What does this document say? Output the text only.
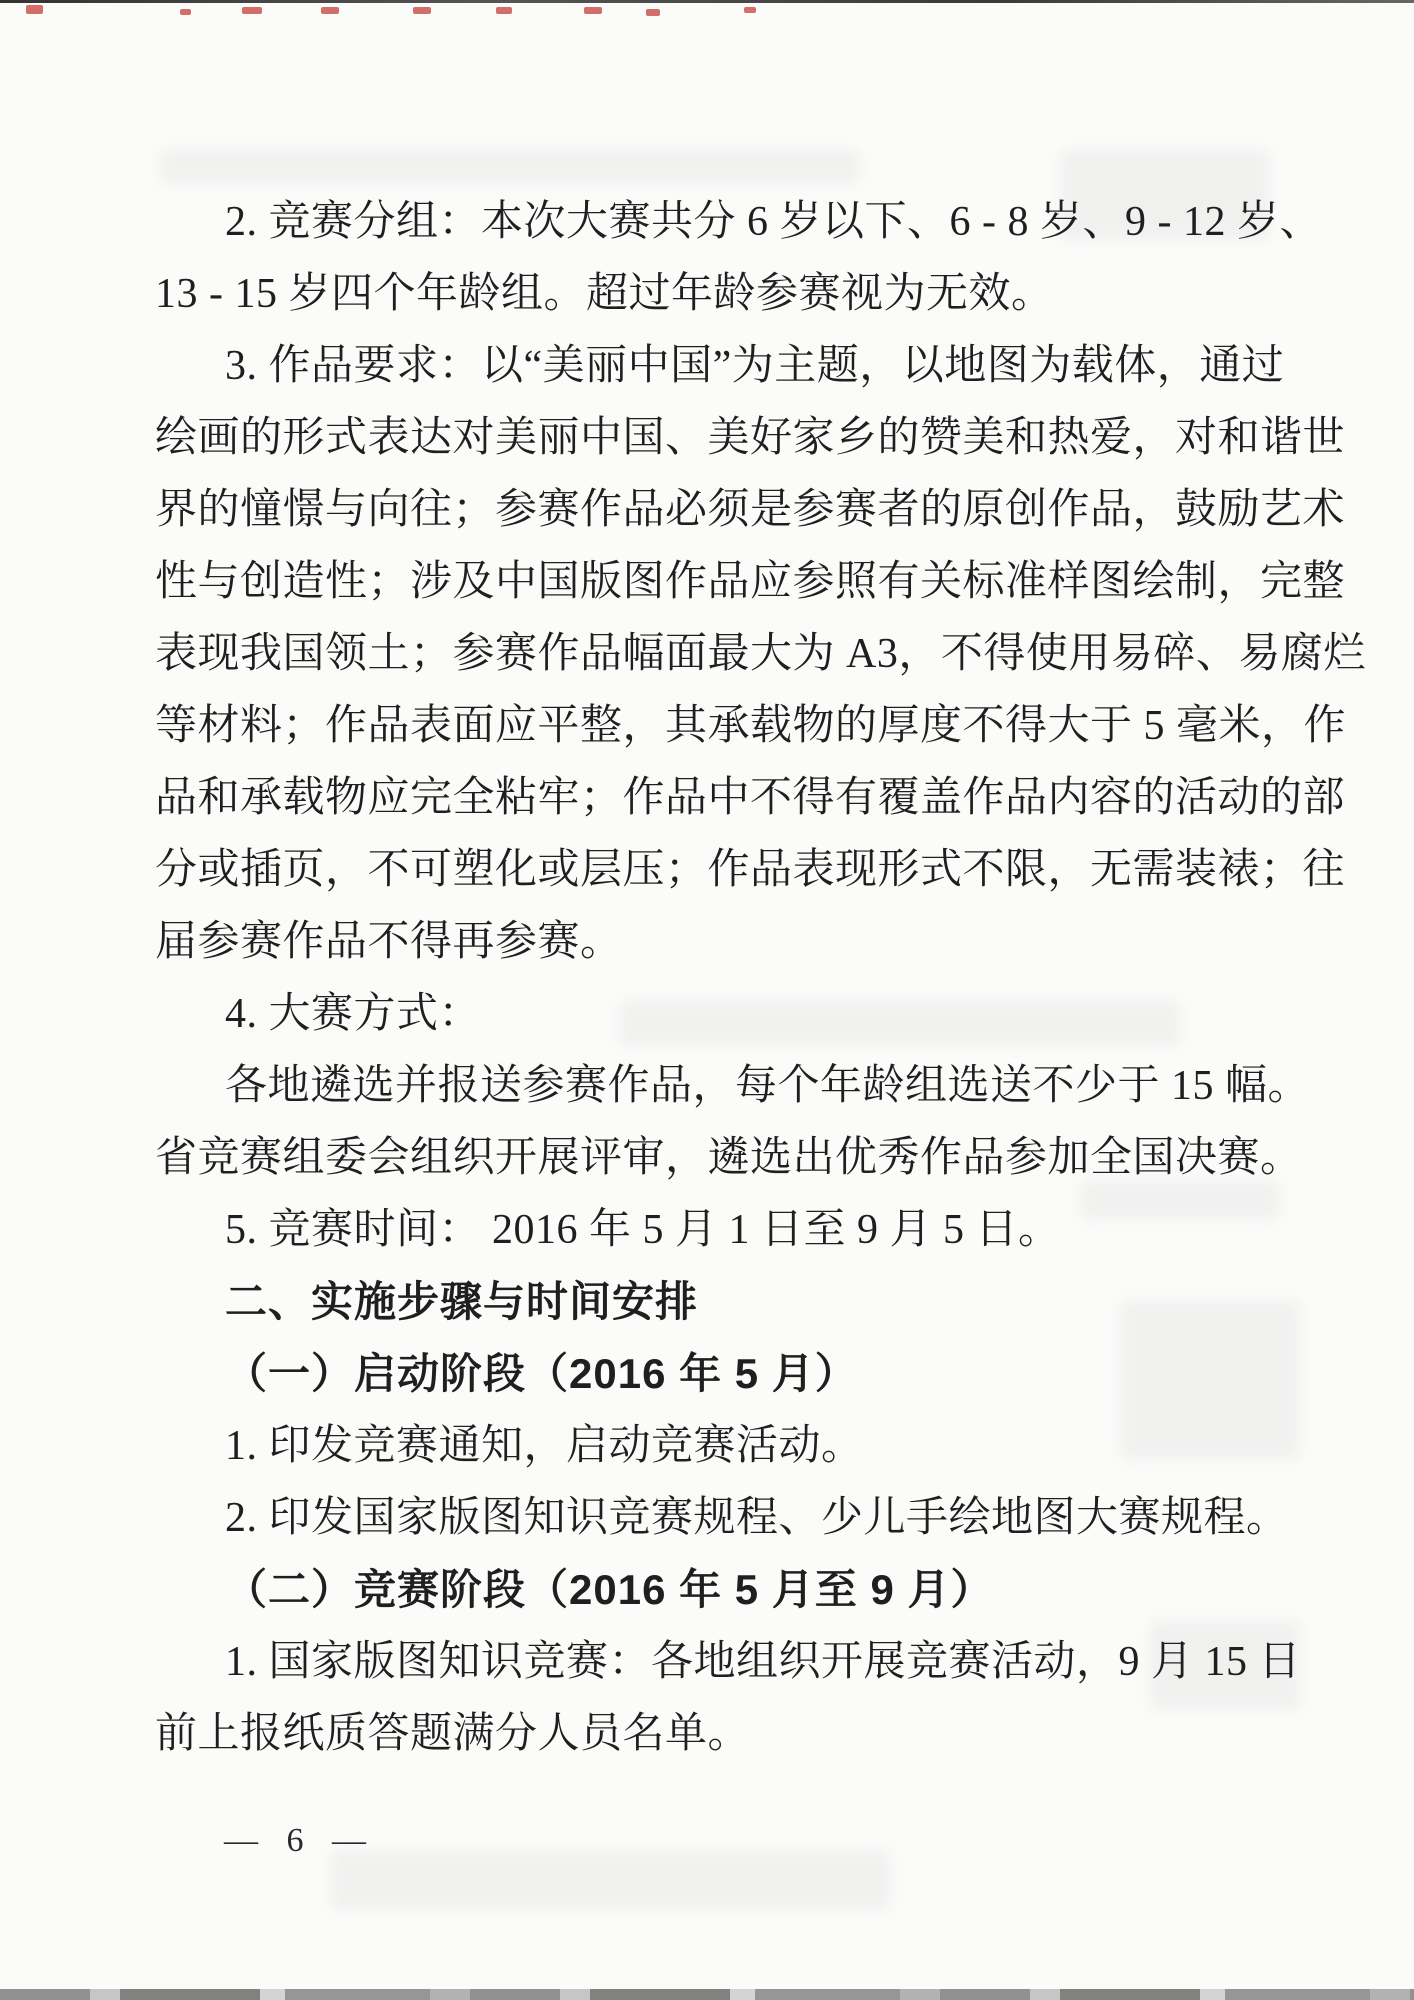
2. 竞赛分组：本次大赛共分 6 岁以下、6 - 8 岁、9 - 12 岁、

13 - 15 岁四个年龄组。超过年龄参赛视为无效。

3. 作品要求：以“美丽中国”为主题，以地图为载体，通过

绘画的形式表达对美丽中国、美好家乡的赞美和热爱，对和谐世

界的憧憬与向往；参赛作品必须是参赛者的原创作品，鼓励艺术

性与创造性；涉及中国版图作品应参照有关标准样图绘制，完整

表现我国领土；参赛作品幅面最大为 A3，不得使用易碎、易腐烂

等材料；作品表面应平整，其承载物的厚度不得大于 5 毫米，作

品和承载物应完全粘牢；作品中不得有覆盖作品内容的活动的部

分或插页，不可塑化或层压；作品表现形式不限，无需装裱；往

届参赛作品不得再参赛。

4. 大赛方式：

各地遴选并报送参赛作品，每个年龄组选送不少于 15 幅。

省竞赛组委会组织开展评审，遴选出优秀作品参加全国决赛。

5. 竞赛时间： 2016 年 5 月 1 日至 9 月 5 日。

二、实施步骤与时间安排

（一）启动阶段（2016 年 5 月）

1. 印发竞赛通知，启动竞赛活动。

2. 印发国家版图知识竞赛规程、少儿手绘地图大赛规程。

（二）竞赛阶段（2016 年 5 月至 9 月）

1. 国家版图知识竞赛：各地组织开展竞赛活动，9 月 15 日

前上报纸质答题满分人员名单。

— 6 —
